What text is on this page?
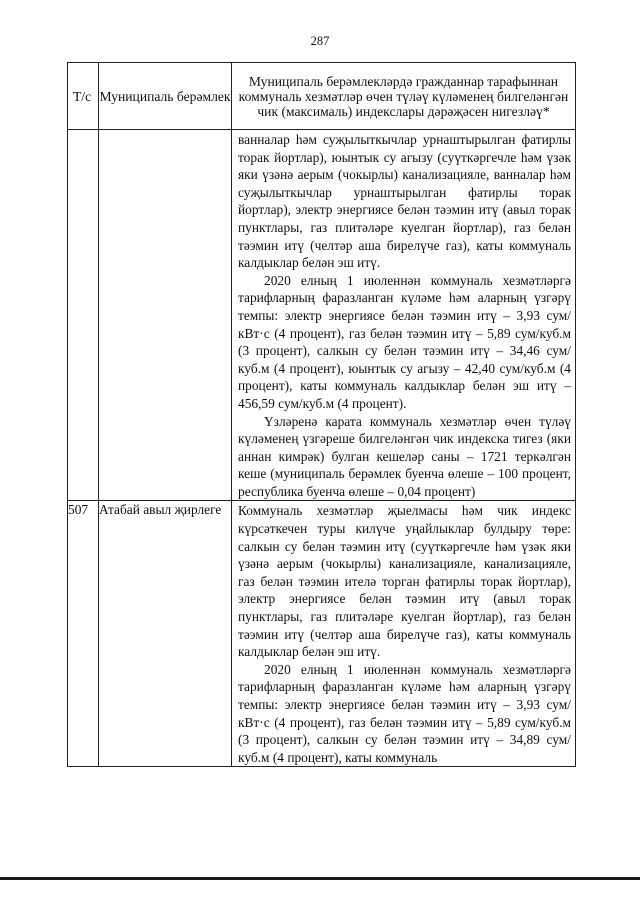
287
Т/с	Муниципаль берәмлек	Муниципаль берәмлекләрдә гражданнар тарафыннан коммуналь хезмәтләр өчен түләү күләменең билгеләнгән чик (максималь) индекслары дәрәҗәсен нигезләү*

		ванналар һәм суҗылыткычлар урнаштырылган фатирлы торак йортлар), юынтык су агызу (суүткәргечле һәм үзәк яки үзәнә аерым (чокырлы) канализацияле, ванналар һәм суҗылыткычлар урнаштырылган фатирлы торак йортлар), электр энергиясе белән тәэмин итү (авыл торак пунктлары, газ плитәләре куелган йортлар), газ белән тәэмин итү (челтәр аша бирелүче газ), каты коммуналь калдыклар белән эш итү.

2020 елның 1 июленнән коммуналь хезмәтләргә тарифларның фаразланган күләме һәм аларның үзгәрү темпы: электр энергиясе белән тәэмин итү – 3,93 сум/кВт·с (4 процент), газ белән тәэмин итү – 5,89 сум/куб.м (3 процент), салкын су белән тәэмин итү – 34,46 сум/куб.м (4 процент), юынтык су агызу – 42,40 сум/куб.м (4 процент), каты коммуналь калдыклар белән эш итү – 456,59 сум/куб.м (4 процент).

Үзләренә карата коммуналь хезмәтләр өчен түләү күләменең үзгәреше билгеләнгән чик индекска тигез (яки аннан кимрәк) булган кешеләр саны – 1721 теркәлгән кеше (муниципаль берәмлек буенча өлеше – 100 процент, республика буенча өлеше – 0,04 процент)

507	Атабай авыл җирлеге	Коммуналь хезмәтләр җыелмасы һәм чик индекс күрсәткечен туры килүче уңайлыклар булдыру төре: салкын су белән тәэмин итү (суүткәргечле һәм үзәк яки үзәнә аерым (чокырлы) канализацияле, канализацияле, газ белән тәэмин ителә торган фатирлы торак йортлар), электр энергиясе белән тәэмин итү (авыл торак пунктлары, газ плитәләре куелган йортлар), газ белән тәэмин итү (челтәр аша бирелүче газ), каты коммуналь калдыклар белән эш итү.

2020 елның 1 июленнән коммуналь хезмәтләргә тарифларның фаразланган күләме һәм аларның үзгәрү темпы: электр энергиясе белән тәэмин итү – 3,93 сум/кВт·с (4 процент), газ белән тәэмин итү – 5,89 сум/куб.м (3 процент), салкын су белән тәэмин итү – 34,89 сум/куб.м (4 процент), каты коммуналь
